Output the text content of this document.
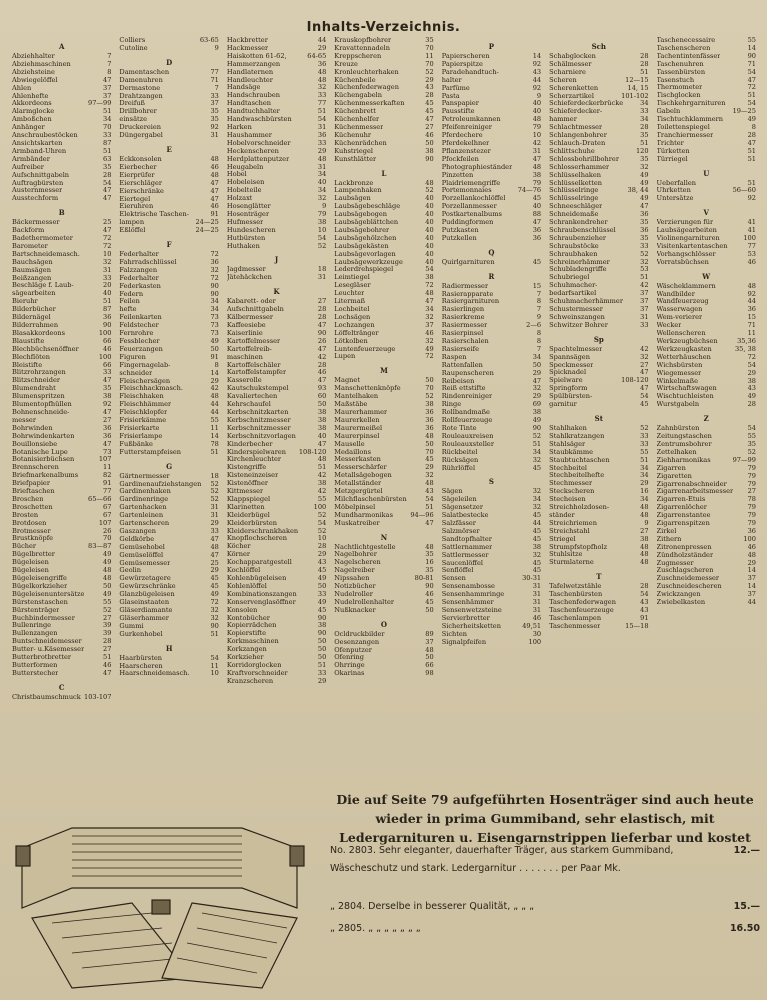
Inhalts-Verzeichnis.
A
Abziehhalter	7
Abziehmaschinen	7
Abziehsteine	8
Abwiegelöffel	47
Ahlen	37
Ahlenhefte	37
Akkordeons	97—99
Alarmglocke	51
Amboßchen	34
Anhänger	70
Anschraubestöcken	33
Ansichtskarten	87
Armband-Uhren	51
Armbänder	63
Aufreiber	35
Aufschnittgabeln	28
Auftragbürsten	54
Austernmesser	47
Ausstechform	47
B
Bäckermesser	25
Backform	47
Badethermometer	72
Barometer	72
Bartschneidemasch.	10
Bauchsägen	32
Baumsägen	31
Beißzangen	33
Beschläge f. Laub-	20
sägearbeiten	40
Bieruhr	51
Bilderbücher	87
Bildernägel	36
Bilderrahmen	90
Blasakkordeons	100
Blaustifte	66
Blechbüchsenöffner	46
Blechflöten	100
Bleistifte	66
Blitzrohrzangen	33
Blitzschneider	47
Blumendraht	35
Blumenspritzen	38
Blumentopfhüllen	92
Bohnenschneide-	47
messer	27
Bohrwinden	36
Bohrwindenkarten	36
Bouillonsiebe	47
Botanische Lupe	73
Botanisierbüchsen	107
Brennscheren	11
Briefmarkenalbums	82
Briefpapier	91
Brieftaschen	77
Broschen	65—66
Broschetten	67
Brosten	67
Brotdosen	107
Brotmesser	26
Brustknöpfe	70
Bücher	83—87
Bügelbretter	49
Bügeleisen	49
Bügeleisen	48
Bügeleisengriffe	48
Bügelkorkzieher	50
Bügeleisenuntersätze	49
Bürstenstaschen	55
Bürstenträger	52
Buchbindermesser	27
Bullenringe	39
Bullenzangen	39
Buntschneidemesser	28
Butter- u.Käsemesser	27
Butterbrotbretter	51
Butterformen	46
Butterstecher	47
C
Christbaumschmuck 103-107
Colliers	63-65
Cutoline	9
D
Damentaschen	77
Damenuhren	71
Dermastone	7
Drahtzangen	33
Dreifuß	37
Drillbohrer	35
einsätze	35
Druckereien	92
Düngergabel	31
E
Eckkonsolen	48
Eierbecher	46
Eierprüfer	48
Eierschläger	47
Eierschränke	47
Eiertegel	47
Eieruhren	46
Elektrische Taschen-	91
lampen	24—25
Eßlöffel	24—25
F
Federhalter	72
Fahrradschlüssel	36
Falzzangen	32
Federhalter	72
Federkasten	90
Federn	90
Feilen	34
hefte	34
Feilenkarten	73
Feldstecher	73
Fernrohre	73
Fessblecher	49
Feuerzangen	50
Figuren	91
Fingernagelab-	8
schneider	14
Fleischersägen	29
Fleischhackmasch.	42
Fleischhaken	48
Fleischhämmer	44
Fleischklopfer	44
Frisierkämme	55
Frisierkarte	11
Frisierlampe	14
Fußbänke	78
Futterstampfeisen	51
G
Gärtnermesser	18
Gardinenaufziehstangen	52
Gardinenhaken	52
Gardinenringe	52
Gartenhacken	31
Gartenleinen	31
Gartenscheren	29
Gaszangen	33
Geldkörbe	47
Gemüsehobel	48
Gemüselöffel	47
Gemüsemesser	25
Geolin	29
Gewürzetagere	45
Gewürzschränke	45
Glanzbügeleisen	49
Glaseinstaaten	72
Gläserdiamante	32
Gläserhammer	32
Gummi	90
Gurkenhobel	51
H
Haarbürsten	54
Haarscheren	11
Haarschneidemasch.	10
Hackbretter	44
Hackmesser	29
Haiskotten 61-62,	64-65
Hammerzangen	36
Handlaternen	48
Handleuchter	48
Handsäge	32
Handschrauben	33
Handtaschen	77
Handtuchhalter	51
Handwaschbürsten	54
Harken	31
Haushammer	36
Hobelvorschneider	33
Heckenscheren	29
Herdplattenputzer	48
Heugabeln	31
Hobel	34
Hobeleisen	40
Hobelteile	34
Holzaxt	32
Hosenglätter	9
Hosenträger	79
Hufmesser	38
Hundescheren	10
Hutbürsten	54
Huthaken	52
J
Jagdmesser	18
Jätehäckchen	31
K
Kabarett- oder	27
Aufschnittgabeln	28
Kälbermesser	28
Kaffeesiebe	47
Kaiserlinie	90
Kartoffelmesser	26
Kartoffelreib-	47
maschinen	42
Kartoffelschäler	28
Kartoffelstampfer	46
Kasserolle	47
Kautschukstempel	93
Kavaliertechen	60
Kehrschaufel	50
Kerbschnitzkarten	38
Kerbschnitzmesser	38
Kerbschnitzmesser	38
Kerbschnitzvorlagen	40
Kinderbecher	47
Kinderspielwaren	108-120
Kirchenleuchter	48
Kistengriffe	51
Kisteneinzeiser	42
Kistenöffner	38
Kittmesser	42
Klappspiegel	55
Klarinetten	100
Kleiderbügel	52
Kleiderbürsten	54
Kleiderschrankhaken	52
Knopflochscheren	10
Köcher	28
Körner	29
Kochapparatgestell	43
Kochlöffel	45
Kohlenbügeleisen	49
Kohlenlöffel	50
Kombinationszangen	33
Konservenglasöffner	49
Konsolen	45
Kontobücher	90
Kopierrädchen	38
Kopierstifte	90
Korkmaschinen	50
Korkzangen	50
Korkzieher	50
Korridorglocken	51
Kraftvorschneider	33
Kranzscheren	29
Krauskopfbohrer	35
Kravattennadeln	70
Kreppscheren	11
Kreuze	70
Kronleuchterhaken	52
Küchenbeile	29
Küchenfederwagen	43
Küchengabeln	28
Küchenmesserkaften	45
Küchenbrett	45
Küchenhelfer	47
Küchenmesser	27
Küchenuhr	46
Küchenrädchen	50
Kuhstriegel	38
Kunsthlätter	90
L
Lackbronze	48
Lampenhaken	52
Laubsägen	40
Laubsägebeschläge	40
Laubsägebogen	40
Laubsägeblättchen	40
Laubsägebohrer	40
Laubsägehölzchen	40
Laubsägekästen	40
Laubsägevorlagen	40
Laubsägewerkzeuge	40
Lederdrehspiegel	54
Leimtiegel	38
Lesegläser	72
Leuchter	48
Litermaß	47
Lochbeitel	34
Lochsägen	32
Lochzangen	37
Löffeltränger	46
Lötkolben	32
Luntenfeuerzeuge	49
Lupen	72
M
Magnet	50
Manschettenknöpfe	70
Mantelhaken	52
Maßstäbe	38
Maurerhammer	36
Maurerkellen	36
Maurermeißel	36
Maurerpinsel	48
Mauselle	50
Medaillons	70
Messerkasten	45
Messerschärfer	29
Metallsägebogen	32
Metallständer	48
Metzgergürtel	43
Milchflaschenbürsten	54
Möbelpinsel	51
Mundharmonikas	94—96
Muskatreiber	47
N
Nachtlichtgestelle	48
Nagelbohrer	35
Nagelscheren	16
Nagelreiber	35
Nipssahen	80-81
Notizbücher	90
Nudelroller	46
Nudelrollenhalter	45
Nußknacker	50
O
Ocldruckbilder	89
Oesenzangen	37
Ofenputzer	48
Ofenring	50
Ohrringe	66
Okarinas	98
P
Papierscheren	14
Papierspitze	92
Paradehandtuch-	43
halter	44
Parfüme	92
Pasta	9
Panspapier	40
Pausstifte	40
Petroleumkannen	48
Pfeifenreiniger	79
Pferdechere	10
Pferdekelhner	42
Pflanzenstezer	31
Pfockfeilen	47
Photographieständer	48
Pinzetten	38
Plaidriemengriffe	79
Portemonnaies	74—76
Porzellankochlöffel	45
Porzellanmesser	40
Postkartenalbums	88
Puddingformen	47
Putzkasten	36
Putzkellen	36
Q
Quirlgarnituren	45
R
Radiermesser	15
Rasierapparate	7
Rasiergarnituren	8
Rasierlingen	7
Rasierkreme	9
Rasiermesser	2—6
Rasierpinsel	8
Rasierschalen	8
Rasierseife	7
Raspen	34
Rattenfallen	50
Raupenscheren	29
Reibeisen	47
Reiß ettstifte	32
Rindenreiniger	29
Ringe	69
Rollbandmaße	38
Rollfeuerzeuge	49
Rote Tinte	90
Rouleauxreisen	52
Rouleauxsteller	51
Rückbeitel	34
Rücksägen	32
Rührlöffel	45
S
Sägen	32
Sägeleilen	34
Sägensetzer	32
Salatbestecke	45
Salzfässer	44
Salzmörser	45
Sandtopfhalter	45
Sattlernammer	38
Sattlermesser	32
Saucenlöffel	45
Senflöffel	45
Sensen	30-31
Sensenambosse	31
Sensenhammringe	31
Sensenhämmer	31
Sensenwetzsteine	31
Servierbretter	46
Sicherheitsketten	49,51
Sichten	30
Signalpfeifen	100
Sch
Schabglocken	28
Schälmesser	28
Scharniere	51
Scheren	12—15
Scherenketten	14, 15
Scherzartikel	101-102
Schieferdeckerbrücke	34
Schieferdecker-	33
hammer	34
Schlachtmesser	28
Schlangenbohrer	35
Schlauch-Draten	51
Schlittschuhe	120
Schlossbohrillbohrer	35
Schlosserhammer	32
Schlüsselhaken	49
Schlüsselketten	49
Schlüsselringe	38, 44
Schlüsselringe	49
Schneeschläger	47
Schneidemaße	36
Schrankendreher	35
Schraubenschlüssel	36
Schraubenzieher	35
Schraubstöcke	33
Schraubhaken	52
Schreinerhämmer	32
Schubladengriffe	53
Schubriegel	51
Schuhmacher-	42
bedarfsartikel	37
Schuhmacherhämmer	37
Schustermesser	37
Schweinszangen	31
Schwitzer Bohrer	33
Sp
Spachtelmesser	42
Spannsägen	32
Speckmesser	27
Spicknadel	47
Spielware	108-120
Springform	47
Spülbürsten-	54
garnitur	45
St
Stahlhaken	52
Stahlkratzangen	33
Stahlsäger	33
Staubkämme	55
Staubtuchtaschen	51
Stechbeitel	34
Stechbeitelhefte	34
Stechmesser	29
Steckscheren	16
Stecheisen	34
Streichholzdosen-	48
ständer	48
Streichriemen	9
Streichstahl	27
Striegel	38
Strumpfstopfholz	48
Stuhlsitze	48
Sturmlaterne	48
T
Tafelwetzstähle	28
Taschenbürsten	54
Taschenfederwagen	43
Taschenfeuerzeuge	43
Taschenlampen	91
Taschenmesser	15—18
Taschenecessaire	55
Taschenscheren	14
Tachentintenfässer	90
Taschenuhren	71
Tassenbürsten	54
Tasenstuch	47
Thermometer	72
Tischglocken	51
Tischkehrgarnituren	54
Gabeln	19—25
Tischtuchklammern	49
Toilettenspiegel	8
Tranchiermesser	28
Trichter	47
Türketten	51
Türriegel	51
U
Ueberfallen	51
Uhrketten	56—60
Untersätze	92
V
Verzierungen für	41
Laubsägearbeiten	41
Violinengarnituren	100
Visitenkartentaschen	77
Vorhangschlösser	53
Vorratsbüchsen	46
W
Wäscheklammern	48
Wandbilder	92
Wandfeuerzeug	44
Wasserwagen	36
Wem-verierer	15
Wecker	71
Wellenscheren	11
Werkzeugbüchsen	35,36
Werkzeugkasten	35, 38
Wetterhäuschen	72
Wichsbürsten	54
Wiegemesser	29
Winkelmaße	38
Wirtschaftswagen	43
Wischtuchleisten	49
Wurstgabeln	28
Z
Zahnbürsten	54
Zeitungstaschen	55
Zentrumsbohrer	35
Zettelhaken	52
Ziehharmonikas	97—99
Zigarren	79
Zigaretten	79
Zigarrenabschneider	79
Zigarrenarbeitsmesser	27
Zigarren-Etuis	78
Zigarrenlöcher	79
Zigarrenstantee	79
Zigarrenspitzen	79
Zirkel	36
Zithern	100
Zitronenpressen	46
Zündholzständer	48
Zugmesser	29
Zuschlagscheren	14
Zuschneidemesser	37
Zuschneidescheren	14
Zwickzangen	37
Zwiebelkasten	44
Die auf Seite 79 aufgeführten Hosenträger sind auch heute wieder in prima Gummiband, sehr elastisch, mit Ledergarnituren u. Eisengarnstrippen lieferbar und kostet
12.—
No. 2803. Sehr eleganter, dauerhafter Träger, aus starkem Gummiband, Wäscheschutz und stark. Ledergarnitur . . . . . . . per Paar Mk.
15.—
„ 2804. Derselbe in besserer Qualität, „ „ „
16.50
„ 2805. „ „ „ „ „ „ „
